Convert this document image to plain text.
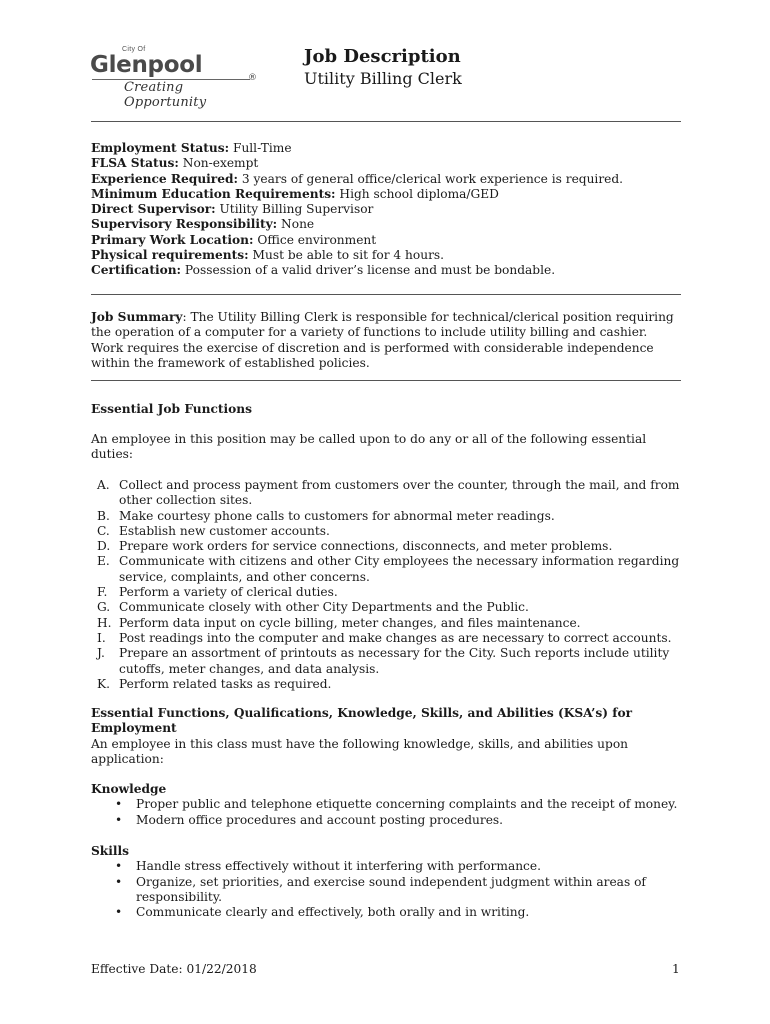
City Of
Glenpool	®
Creating Opportunity
Job Description
Utility Billing Clerk
Employment Status: Full-Time
FLSA Status: Non-exempt
Experience Required: 3 years of general office/clerical work experience is required.
Minimum Education Requirements: High school diploma/GED
Direct Supervisor: Utility Billing Supervisor
Supervisory Responsibility: None
Primary Work Location: Office environment
Physical requirements: Must be able to sit for 4 hours.
Certification: Possession of a valid driver’s license and must be bondable.
Job Summary: The Utility Billing Clerk is responsible for technical/clerical position requiring
the operation of a computer for a variety of functions to include utility billing and cashier.
Work requires the exercise of discretion and is performed with considerable independence
within the framework of established policies.
Essential Job Functions
An employee in this position may be called upon to do any or all of the following essential
duties:
A. Collect and process payment from customers over the counter, through the mail, and from
other collection sites.
B. Make courtesy phone calls to customers for abnormal meter readings.
C. Establish new customer accounts.
D. Prepare work orders for service connections, disconnects, and meter problems.
E. Communicate with citizens and other City employees the necessary information regarding
service, complaints, and other concerns.
F. Perform a variety of clerical duties.
G. Communicate closely with other City Departments and the Public.
H. Perform data input on cycle billing, meter changes, and files maintenance.
I. Post readings into the computer and make changes as are necessary to correct accounts.
J. Prepare an assortment of printouts as necessary for the City. Such reports include utility
cutoffs, meter changes, and data analysis.
K. Perform related tasks as required.
Essential Functions, Qualifications, Knowledge, Skills, and Abilities (KSA’s) for Employment
An employee in this class must have the following knowledge, skills, and abilities upon
application:
Knowledge
• Proper public and telephone etiquette concerning complaints and the receipt of money.
• Modern office procedures and account posting procedures.
Skills
• Handle stress effectively without it interfering with performance.
• Organize, set priorities, and exercise sound independent judgment within areas of
responsibility.
• Communicate clearly and effectively, both orally and in writing.
Effective Date: 01/22/2018	1
